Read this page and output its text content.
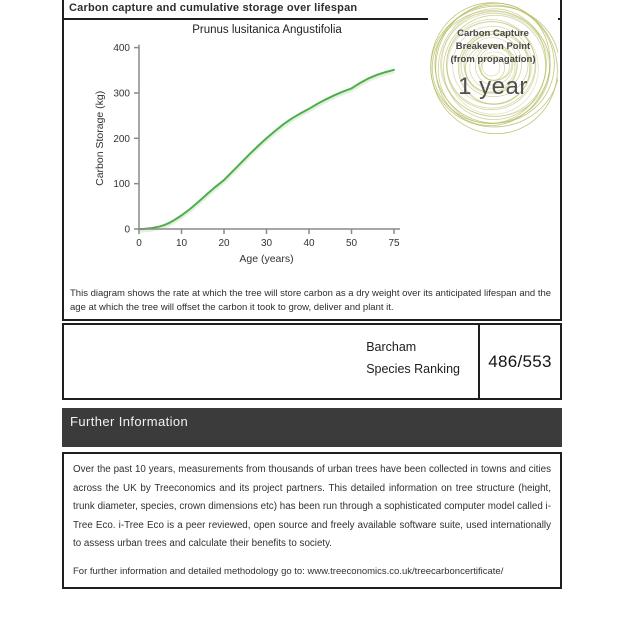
Carbon capture and cumulative storage over lifespan
Prunus lusitanica Angustifolia
0
100
200
300
400
0	10	20	30	40	50	75
Age (years)
Carbon Storage (kg)
This diagram shows the rate at which the tree will store carbon as a dry weight over its anticipated lifespan and the age at which the tree will offset the carbon it took to grow, deliver and plant it.
Barcham
Species Ranking 486/553
Further Information

Over the past 10 years, measurements from thousands of urban trees have been collected in towns and cities across the UK by Treeconomics and its project partners. This detailed information on tree structure (height, trunk diameter, species, crown dimensions etc) has been run through a sophisticated computer model called i-Tree Eco. i-Tree Eco is a peer reviewed, open source and freely available software suite, used internationally to assess urban trees and calculate their benefits to society.

For further information and detailed methodology go to: www.treeconomics.co.uk/treecarboncertificate/

Carbon Capture
Breakeven Point
(from propagation)
1 year
